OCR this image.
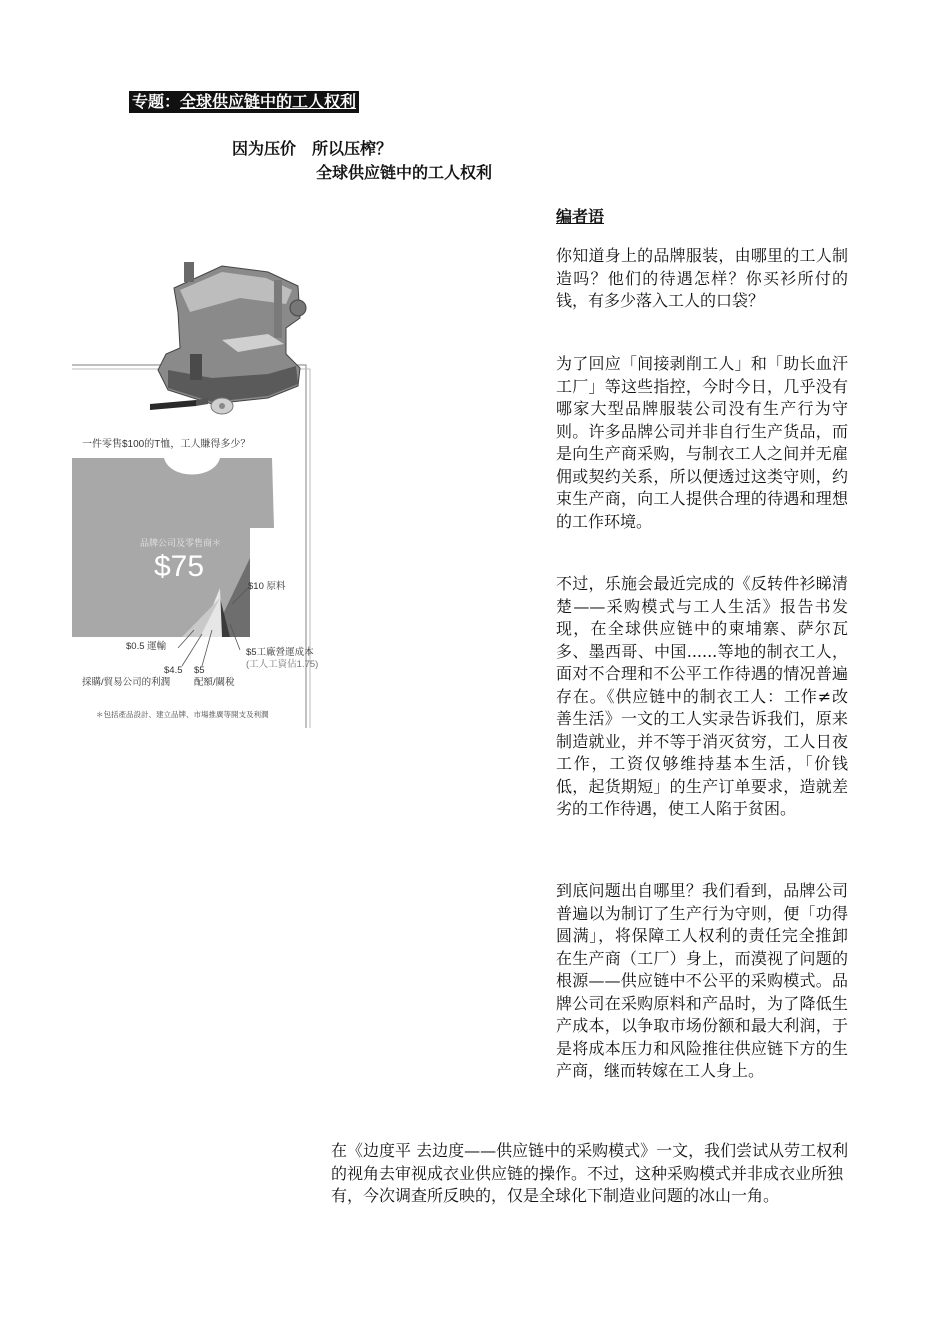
专题：全球供应链中的工人权利
因为压价　所以压榨？
全球供应链中的工人权利
编者语
你知道身上的品牌服装，由哪里的工人制造吗？他们的待遇怎样？你买衫所付的钱，有多少落入工人的口袋？
为了回应「间接剥削工人」和「助长血汗工厂」等这些指控，今时今日，几乎没有哪家大型品牌服装公司没有生产行为守则。许多品牌公司并非自行生产货品，而是向生产商采购，与制衣工人之间并无雇佣或契约关系，所以便透过这类守则，约束生产商，向工人提供合理的待遇和理想的工作环境。
不过，乐施会最近完成的《反转件衫睇清楚——采购模式与工人生活》报告书发现，在全球供应链中的柬埔寨、萨尔瓦多、墨西哥、中国......等地的制衣工人，面对不合理和不公平工作待遇的情况普遍存在。《供应链中的制衣工人：工作≠改善生活》一文的工人实录告诉我们，原来制造就业，并不等于消灭贫穷，工人日夜工作，工资仅够维持基本生活，「价钱低，起货期短」的生产订单要求，造就差劣的工作待遇，使工人陷于贫困。
到底问题出自哪里？我们看到，品牌公司普遍以为制订了生产行为守则，便「功得圆满」，将保障工人权利的责任完全推卸在生产商（工厂）身上，而漠视了问题的根源——供应链中不公平的采购模式。品牌公司在采购原料和产品时，为了降低生产成本，以争取市场份额和最大利润，于是将成本压力和风险推往供应链下方的生产商，继而转嫁在工人身上。
在《边度平 去边度——供应链中的采购模式》一文，我们尝试从劳工权利的视角去审视成衣业供应链的操作。不过，这种采购模式并非成衣业所独有，今次调查所反映的，仅是全球化下制造业问题的冰山一角。
一件零售$100的T恤，工人賺得多少？
品牌公司及零售商＊
$75
$10 原料
$0.5 運輸
$5工廠營運成本
(工人工資佔1.75)
$4.5
採購/貿易公司的利潤
$5
配額/關稅
＊包括產品設計、建立品牌、市場推廣等開支及利潤
